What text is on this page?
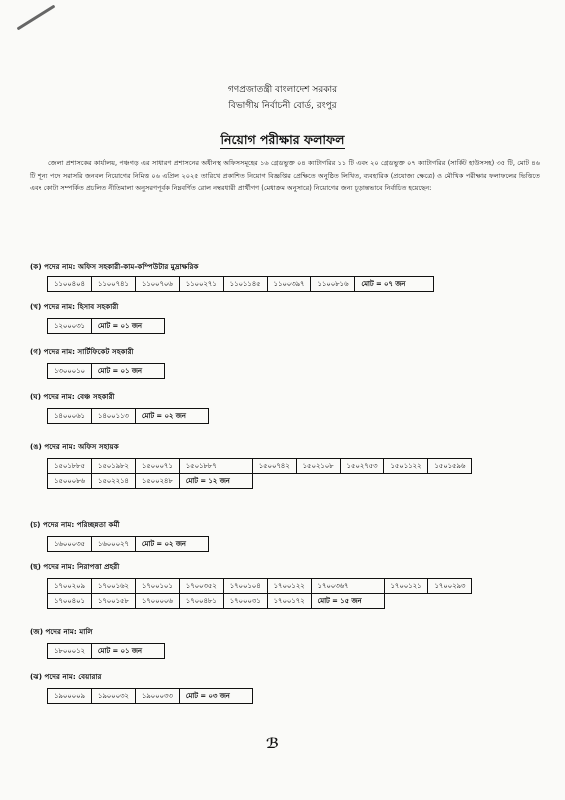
গণপ্রজাতন্ত্রী বাংলাদেশ সরকার
বিভাগীয় নির্বাচনী বোর্ড, রংপুর
নিয়োগ পরীক্ষার ফলাফল
জেলা প্রশাসকের কার্যালয়, পঞ্চগড় এর সাধারণ প্রশাসনের অধীনস্থ অফিসসমূহের ১৬ গ্রেডভুক্ত ০৪ ক্যাটাগরির ১১ টি এবং ২০ গ্রেডভুক্ত ০৭ ক্যাটাগরির (সার্কিট হাউসসহ) ৩৫ টি, মোট ৪৬ টি শূন্য পদে সরাসরি জনবল নিয়োগের নিমিত্ত ০৬ এপ্রিল ২০২৫ তারিখে প্রকাশিত নিয়োগ বিজ্ঞপ্তির প্রেক্ষিতে অনুষ্ঠিত লিখিত, ব্যবহারিক (প্রযোজ্য ক্ষেত্রে) ও মৌখিক পরীক্ষার ফলাফলের ভিত্তিতে এবং কোটা সম্পর্কিত প্রচলিত নীতিমালা অনুসরণপূর্বক নিম্নবর্ণিত রোল নম্বরধারী প্রার্থীগণ (মেধাক্রম অনুসারে) নিয়োগের জন্য চূড়ান্তভাবে নির্বাচিত হয়েছেন:
(ক) পদের নাম: অফিস সহকারী-কাম-কম্পিউটার মুদ্রাক্ষরিক
১১০০৪০৪	১১০০৭৪১	১১০০৭০৬	১১০০২৭১	১১০১১৪৫	১১০০৩৯৭	১১০০৮১৬	মোট = ০৭ জন
(খ) পদের নাম: হিসাব সহকারী
১২০০০৩১	মোট = ০১ জন
(গ) পদের নাম: সার্টিফিকেট সহকারী
১৩০০০১০	মোট = ০১ জন
(ঘ) পদের নাম: বেঞ্চ সহকারী
১৪০০০৬১	১৪০০১১৩	মোট = ০২ জন
(ঙ) পদের নাম: অফিস সহায়ক
১৫০১৮৮৫	১৫০১৯৮২	১৫০০০৭১	১৫০১৮৮৭	১৫০০৭৪২	১৫০২১০৮	১৫০২৭৫৩	১৫০১১২২	১৫০১৫৯৬
১৫০০০৮৬	১৫০২২১৪	১৫০০২৪৮	মোট = ১২ জন					
(চ) পদের নাম: পরিচ্ছন্নতা কর্মী
১৬০০০৩৫	১৬০০০২৭	মোট = ০২ জন
(ছ) পদের নাম: নিরাপত্তা প্রহরী
১৭০০২০৯	১৭০০১৬২	১৭০০১০১	১৭০০৩৫২	১৭০০১০৪	১৭০০১২২	১৭০০৩৬৭	১৭০০১২১	১৭০০২৯৩
১৭০০৪০১	১৭০০১৫৮	১৭০০০০৬	১৭০০৪৮১	১৭০০০৩১	১৭০০১৭২	মোট = ১৫ জন		
(জ) পদের নাম: মালি
১৮০০০১২	মোট = ০১ জন
(ঝ) পদের নাম: বেয়ারার
১৯০০০০৯	১৯০০০৩২	১৯০০০৩৩	মোট = ০৩ জন
ℬ
